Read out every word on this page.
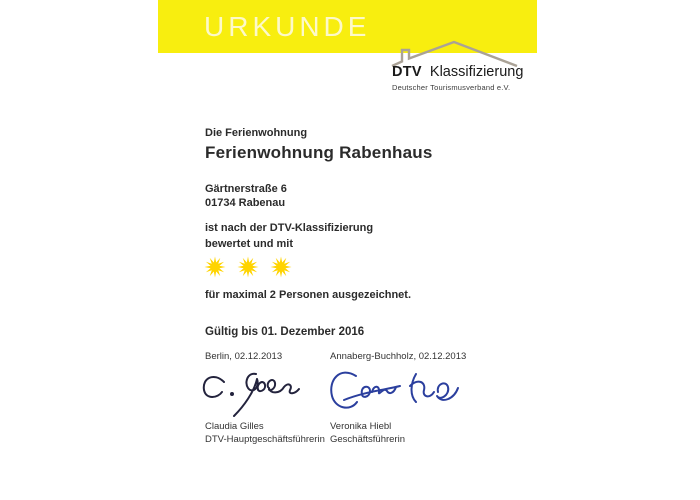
URKUNDE
DTV Klassifizierung
Deutscher Tourismusverband e.V.
Die Ferienwohnung
Ferienwohnung Rabenhaus
Gärtnerstraße 6
01734 Rabenau
ist nach der DTV-Klassifizierung
bewertet und mit
für maximal 2 Personen ausgezeichnet.
Gültig bis 01. Dezember 2016
Berlin, 02.12.2013	Annaberg-Buchholz, 02.12.2013
Claudia Gilles
DTV-Hauptgeschäftsführerin
Veronika Hiebl
Geschäftsführerin
